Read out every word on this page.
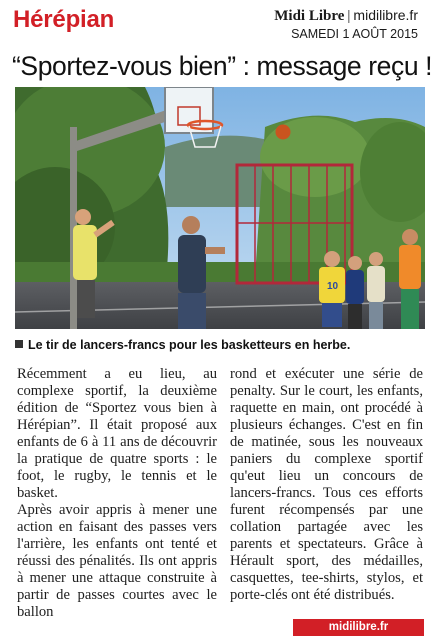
Hérépian	Midi Libre | midilibre.fr
SAMEDI 1 AOÛT 2015
“Sportez-vous bien” : message reçu !
10
Le tir de lancers-francs pour les basketteurs en herbe.

Récemment a eu lieu, au complexe sportif, la deuxième édition de “Sportez vous bien à Hérépian”. Il était proposé aux enfants de 6 à 11 ans de découvrir la pratique de quatre sports : le foot, le rugby, le tennis et le basket.

Après avoir appris à mener une action en faisant des passes vers l'arrière, les enfants ont tenté et réussi des pénalités. Ils ont appris à mener une attaque construite à partir de passes courtes avec le ballon

rond et exécuter une série de penalty. Sur le court, les enfants, raquette en main, ont procédé à plusieurs échanges. C'est en fin de matinée, sous les nouveaux paniers du complexe sportif qu'eut lieu un concours de lancers-francs. Tous ces efforts furent récompensés par une collation partagée avec les parents et spectateurs. Grâce à Hérault sport, des médailles, casquettes, tee-shirts, stylos, et porte-clés ont été distribués.

midilibre.fr
